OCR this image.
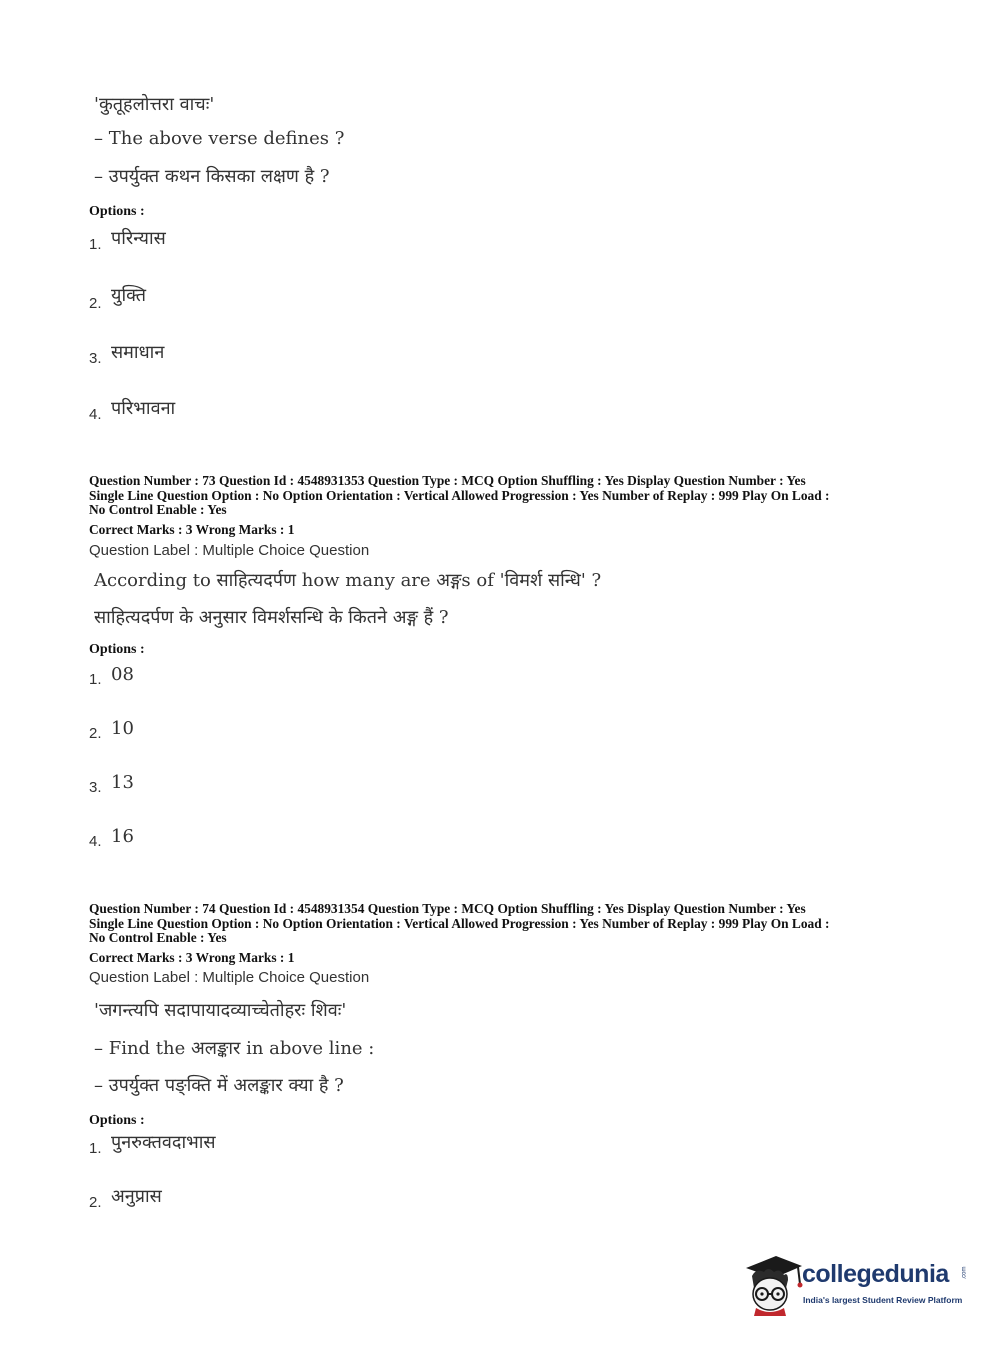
'कुतूहलोत्तरा वाचः'
– The above verse defines ?
– उपर्युक्त कथन किसका लक्षण है ?
Options :
1. परिन्यास
2. युक्ति
3. समाधान
4. परिभावना
Question Number : 73 Question Id : 4548931353 Question Type : MCQ Option Shuffling : Yes Display Question Number : Yes
Single Line Question Option : No Option Orientation : Vertical Allowed Progression : Yes Number of Replay : 999 Play On Load :
No Control Enable : Yes
Correct Marks : 3 Wrong Marks : 1
Question Label : Multiple Choice Question
According to साहित्यदर्पण how many are अङ्गs of 'विमर्श सन्धि' ?
साहित्यदर्पण के अनुसार विमर्शसन्धि के कितने अङ्ग हैं ?
Options :
1. 08
2. 10
3. 13
4. 16
Question Number : 74 Question Id : 4548931354 Question Type : MCQ Option Shuffling : Yes Display Question Number : Yes
Single Line Question Option : No Option Orientation : Vertical Allowed Progression : Yes Number of Replay : 999 Play On Load :
No Control Enable : Yes
Correct Marks : 3 Wrong Marks : 1
Question Label : Multiple Choice Question
'जगन्त्यपि सदापायादव्याच्चेतोहरः शिवः'
– Find the अलङ्कार in above line :
– उपर्युक्त पङ्क्ति में अलङ्कार क्या है ?
Options :
1. पुनरुक्तवदाभास
2. अनुप्रास
collegedunia .com
India's largest Student Review Platform
